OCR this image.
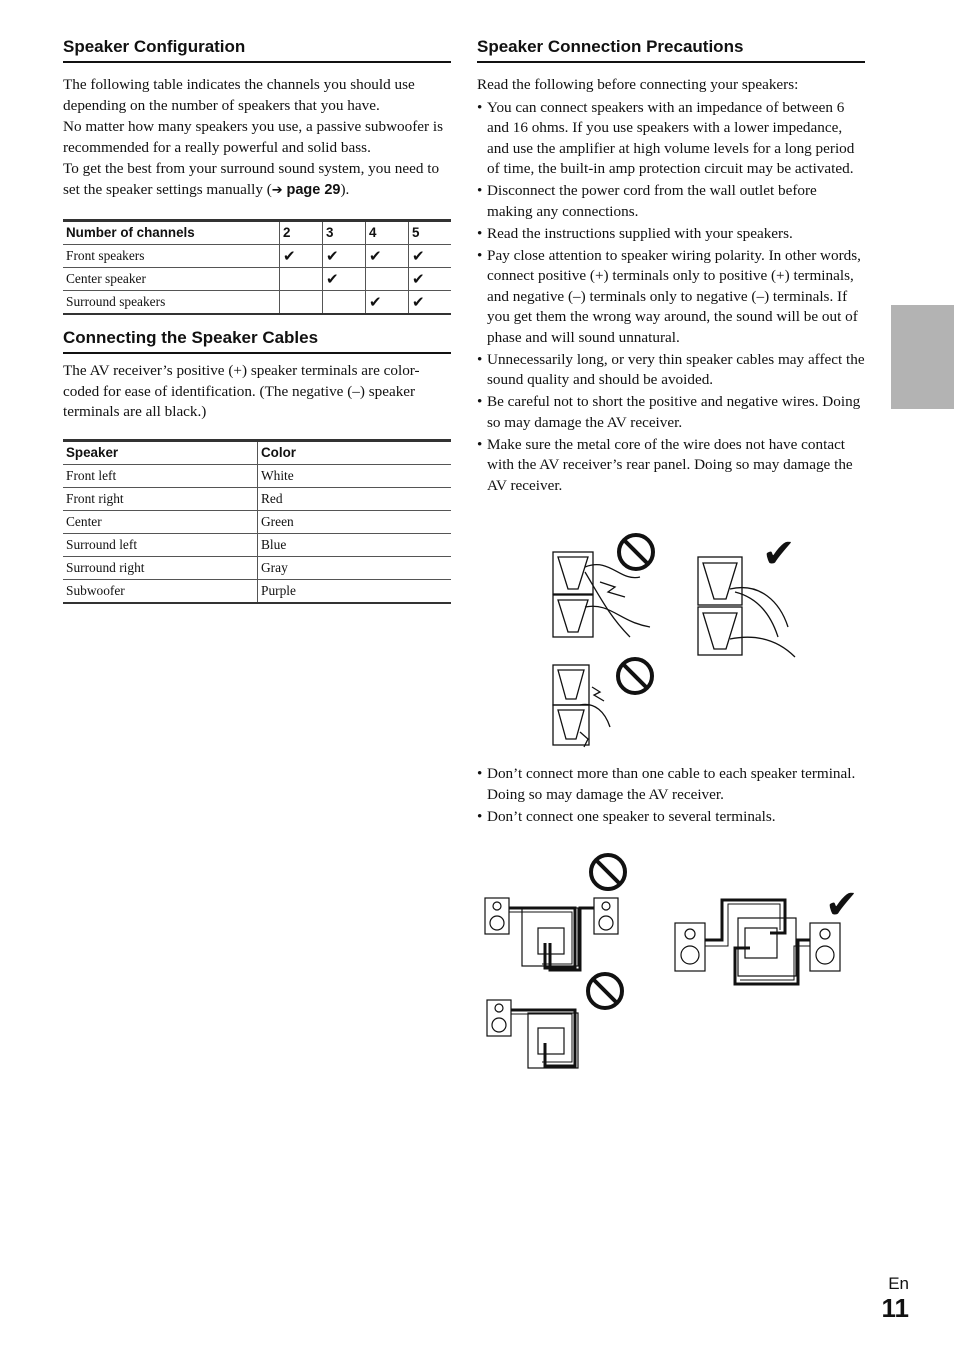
Speaker Configuration

The following table indicates the channels you should use depending on the number of speakers that you have.

No matter how many speakers you use, a passive subwoofer is recommended for a really powerful and solid bass.

To get the best from your surround sound system, you need to set the speaker settings manually (➔ page 29).

Number of channels	2	3	4	5
Front speakers	✔	✔	✔	✔
Center speaker		✔		✔
Surround speakers			✔	✔
Connecting the Speaker Cables

The AV receiver’s positive (+) speaker terminals are color-coded for ease of identification. (The negative (–) speaker terminals are all black.)

Speaker	Color
Front left	White
Front right	Red
Center	Green
Surround left	Blue
Surround right	Gray
Subwoofer	Purple
Speaker Connection Precautions

Read the following before connecting your speakers:

• You can connect speakers with an impedance of between 6 and 16 ohms. If you use speakers with a lower impedance, and use the amplifier at high volume levels for a long period of time, the built-in amp protection circuit may be activated.
• Disconnect the power cord from the wall outlet before making any connections.
• Read the instructions supplied with your speakers.
• Pay close attention to speaker wiring polarity. In other words, connect positive (+) terminals only to positive (+) terminals, and negative (–) terminals only to negative (–) terminals. If you get them the wrong way around, the sound will be out of phase and will sound unnatural.
• Unnecessarily long, or very thin speaker cables may affect the sound quality and should be avoided.
• Be careful not to short the positive and negative wires. Doing so may damage the AV receiver.
• Make sure the metal core of the wire does not have contact with the AV receiver’s rear panel. Doing so may damage the AV receiver.
✔
• Don’t connect more than one cable to each speaker terminal. Doing so may damage the AV receiver.
• Don’t connect one speaker to several terminals.
✔
En
11
